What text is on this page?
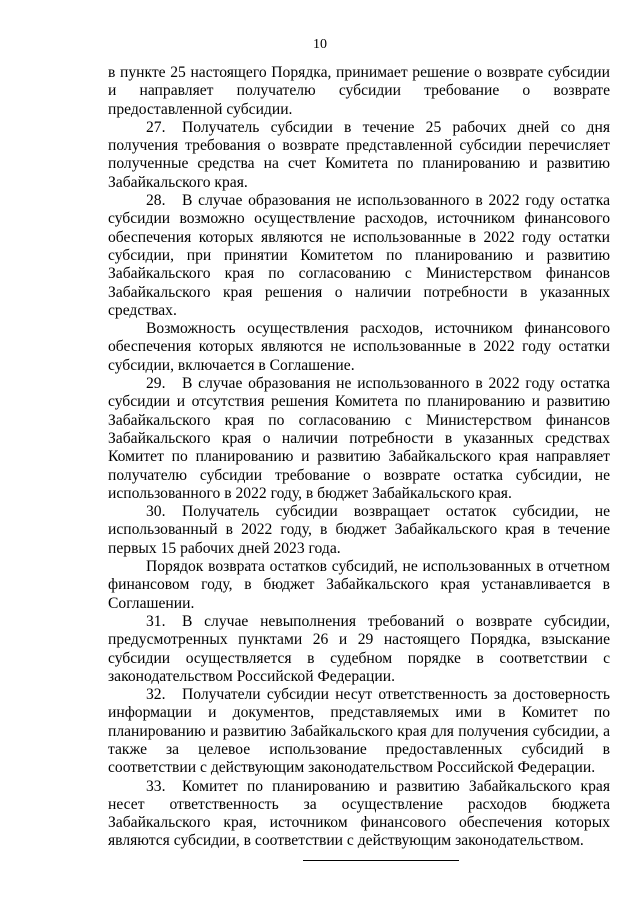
10

в пункте 25 настоящего Порядка, принимает решение о возврате субсидии и направляет получателю субсидии требование о возврате предоставленной субсидии.

27. Получатель субсидии в течение 25 рабочих дней со дня получения требования о возврате представленной субсидии перечисляет полученные средства на счет Комитета по планированию и развитию Забайкальского края.

28. В случае образования не использованного в 2022 году остатка субсидии возможно осуществление расходов, источником финансового обеспечения которых являются не использованные в 2022 году остатки субсидии, при принятии Комитетом по планированию и развитию Забайкальского края по согласованию с Министерством финансов Забайкальского края решения о наличии потребности в указанных средствах.

Возможность осуществления расходов, источником финансового обеспечения которых являются не использованные в 2022 году остатки субсидии, включается в Соглашение.

29. В случае образования не использованного в 2022 году остатка субсидии и отсутствия решения Комитета по планированию и развитию Забайкальского края по согласованию с Министерством финансов Забайкальского края о наличии потребности в указанных средствах Комитет по планированию и развитию Забайкальского края направляет получателю субсидии требование о возврате остатка субсидии, не использованного в 2022 году, в бюджет Забайкальского края.

30. Получатель субсидии возвращает остаток субсидии, не использованный в 2022 году, в бюджет Забайкальского края в течение первых 15 рабочих дней 2023 года.

Порядок возврата остатков субсидий, не использованных в отчетном финансовом году, в бюджет Забайкальского края устанавливается в Соглашении.

31. В случае невыполнения требований о возврате субсидии, предусмотренных пунктами 26 и 29 настоящего Порядка, взыскание субсидии осуществляется в судебном порядке в соответствии с законодательством Российской Федерации.

32. Получатели субсидии несут ответственность за достоверность информации и документов, представляемых ими в Комитет по планированию и развитию Забайкальского края для получения субсидии, а также за целевое использование предоставленных субсидий в соответствии с действующим законодательством Российской Федерации.

33. Комитет по планированию и развитию Забайкальского края несет ответственность за осуществление расходов бюджета Забайкальского края, источником финансового обеспечения которых являются субсидии, в соответствии с действующим законодательством.
